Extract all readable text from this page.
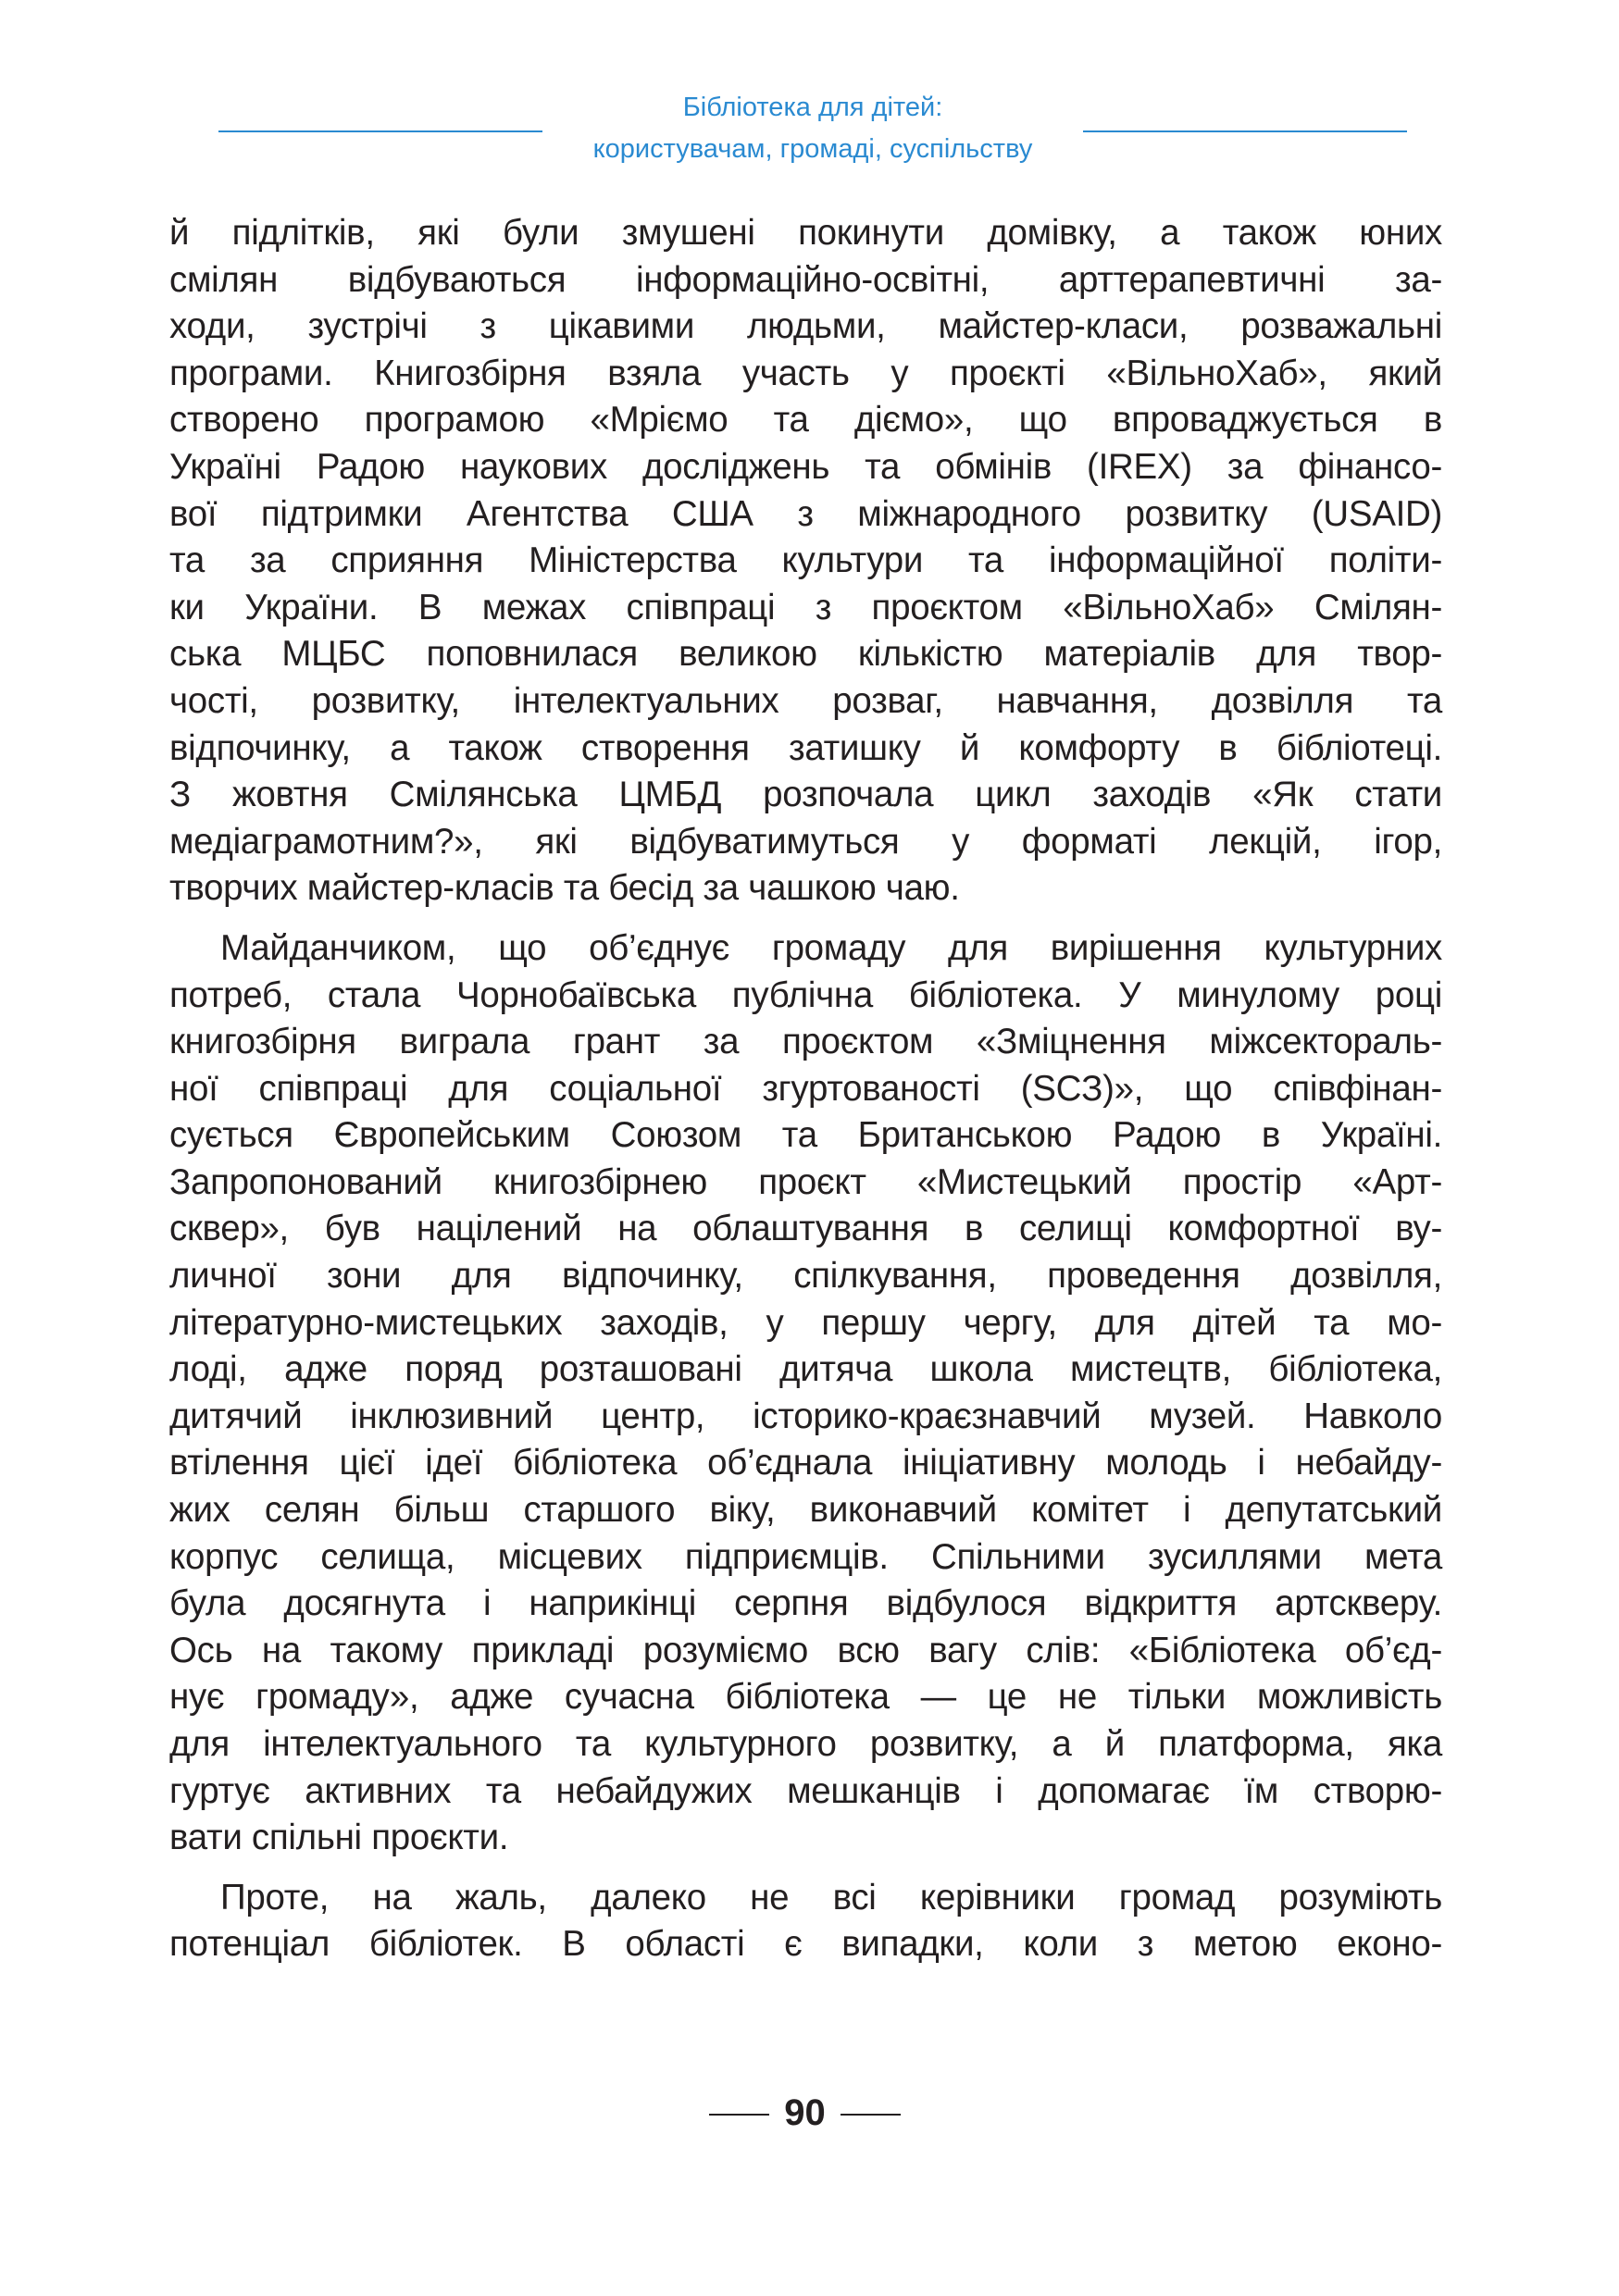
Бібліотека для дітей:
користувачам, громаді, суспільству

й підлітків, які були змушені покинути домівку, а також юних
смілян відбуваються інформаційно-освітні, арттерапевтичні за-
ходи, зустрічі з цікавими людьми, майстер-класи, розважальні
програми. Книгозбірня взяла участь у проєкті «ВільноХаб», який
створено програмою «Мріємо та діємо», що впроваджується в
Україні Радою наукових досліджень та обмінів (IREX) за фінансо-
вої підтримки Агентства США з міжнародного розвитку (USAID)
та за сприяння Міністерства культури та інформаційної політи-
ки України. В межах співпраці з проєктом «ВільноХаб» Смілян-
ська МЦБС поповнилася великою кількістю матеріалів для твор-
чості, розвитку, інтелектуальних розваг, навчання, дозвілля та
відпочинку, а також створення затишку й комфорту в бібліотеці.
З жовтня Смілянська ЦМБД розпочала цикл заходів «Як стати
медіаграмотним?», які відбуватимуться у форматі лекцій, ігор,
творчих майстер-класів та бесід за чашкою чаю.

Майданчиком, що об’єднує громаду для вирішення культурних
потреб, стала Чорнобаївська публічна бібліотека. У минулому році
книгозбірня виграла грант за проєктом «Зміцнення міжсектораль-
ної співпраці для соціальної згуртованості (SCЗ)», що співфінан-
сується Європейським Союзом та Британською Радою в Україні.
Запропонований книгозбірнею проєкт «Мистецький простір «Арт-
сквер», був націлений на облаштування в селищі комфортної ву-
личної зони для відпочинку, спілкування, проведення дозвілля,
літературно-мистецьких заходів, у першу чергу, для дітей та мо-
лоді, адже поряд розташовані дитяча школа мистецтв, бібліотека,
дитячий інклюзивний центр, історико-краєзнавчий музей. Навколо
втілення цієї ідеї бібліотека об’єднала ініціативну молодь і небайду-
жих селян більш старшого віку, виконавчий комітет і депутатський
корпус селища, місцевих підприємців. Спільними зусиллями мета
була досягнута і наприкінці серпня відбулося відкриття артскверу.
Ось на такому прикладі розуміємо всю вагу слів: «Бібліотека об’єд-
нує громаду», адже сучасна бібліотека — це не тільки можливість
для інтелектуального та культурного розвитку, а й платформа, яка
гуртує активних та небайдужих мешканців і допомагає їм створю-
вати спільні проєкти.

Проте, на жаль, далеко не всі керівники громад розуміють
потенціал бібліотек. В області є випадки, коли з метою еконо-

90
